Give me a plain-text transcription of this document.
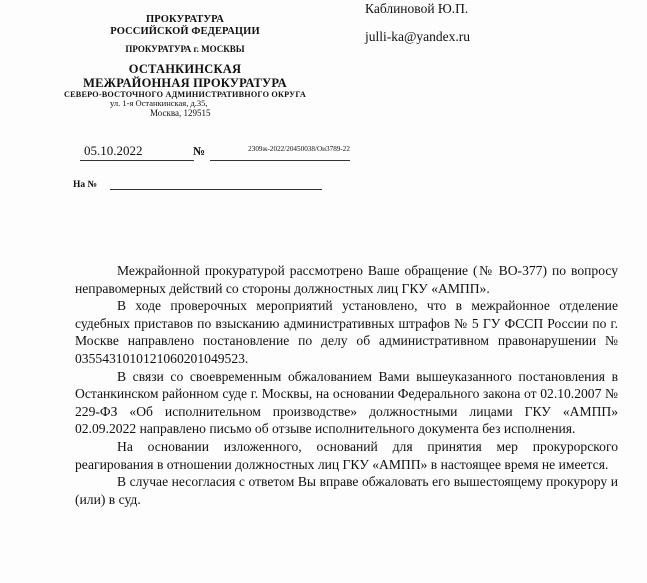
ПРОКУРАТУРА
РОССИЙСКОЙ ФЕДЕРАЦИИ
ПРОКУРАТУРА г. МОСКВЫ
ОСТАНКИНСКАЯ
МЕЖРАЙОННАЯ ПРОКУРАТУРА
СЕВЕРО-ВОСТОЧНОГО АДМИНИСТРАТИВНОГО ОКРУГА
ул. 1-я Останкинская, д.35,
Москва, 129515
Каблиновой Ю.П.
julli-ka@yandex.ru
05.10.2022	№	2309ж-2022/20450038/Ои3789-22
На №

Межрайонной прокуратурой рассмотрено Ваше обращение (№ ВО-377) по вопросу неправомерных действий со стороны должностных лиц ГКУ «АМПП».

В ходе проверочных мероприятий установлено, что в межрайонное отделение судебных приставов по взысканию административных штрафов № 5 ГУ ФССП России по г. Москве направлено постановление по делу об административном правонарушении № 0355431010121060201049523.

В связи со своевременным обжалованием Вами вышеуказанного постановления в Останкинском районном суде г. Москвы, на основании Федерального закона от 02.10.2007 № 229-ФЗ «Об исполнительном производстве» должностными лицами ГКУ «АМПП» 02.09.2022 направлено письмо об отзыве исполнительного документа без исполнения.

На основании изложенного, оснований для принятия мер прокурорского реагирования в отношении должностных лиц ГКУ «АМПП» в настоящее время не имеется.

В случае несогласия с ответом Вы вправе обжаловать его вышестоящему прокурору и (или) в суд.
